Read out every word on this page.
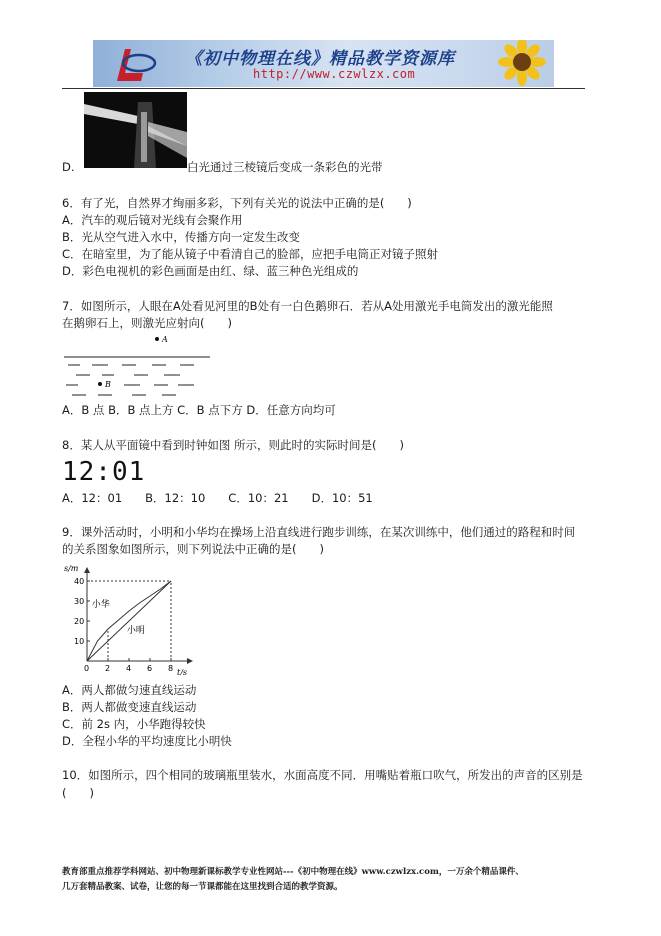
《初中物理在线》精品教学资源库
http://www.czwlzx.com
D.	白光通过三棱镜后变成一条彩色的光带
6．有了光，自然界才绚丽多彩，下列有关光的说法中正确的是(　　)
A．汽车的观后镜对光线有会聚作用
B．光从空气进入水中，传播方向一定发生改变
C．在暗室里，为了能从镜子中看清自己的脸部，应把手电筒正对镜子照射
D．彩色电视机的彩色画面是由红、绿、蓝三种色光组成的
7．如图所示，人眼在A处看见河里的B处有一白色鹅卵石．若从A处用激光手电筒发出的激光能照
在鹅卵石上，则激光应射向(　　)
A
B
A．B 点 B．B 点上方 C．B 点下方 D．任意方向均可
8．某人从平面镜中看到时钟如图 所示，则此时的实际时间是(　　)
12:01
A．12：01　　B．12：10　　C．10：21　　D．10：51
9．课外活动时，小明和小华均在操场上沿直线进行跑步训练，在某次训练中，他们通过的路程和时间
的关系图象如图所示，则下列说法中正确的是(　　)
0 2 4 6 8
10
20
30
40
s/m
t/s
小华
小明
A．两人都做匀速直线运动
B．两人都做变速直线运动
C．前 2s 内，小华跑得较快
D．全程小华的平均速度比小明快
10．如图所示，四个相同的玻璃瓶里装水，水面高度不同．用嘴贴着瓶口吹气，所发出的声音的区别是
(　　)
教育部重点推荐学科网站、初中物理新课标教学专业性网站---《初中物理在线》www.czwlzx.com，一万余个精品课件、
几万套精品教案、试卷，让您的每一节课都能在这里找到合适的教学资源。
